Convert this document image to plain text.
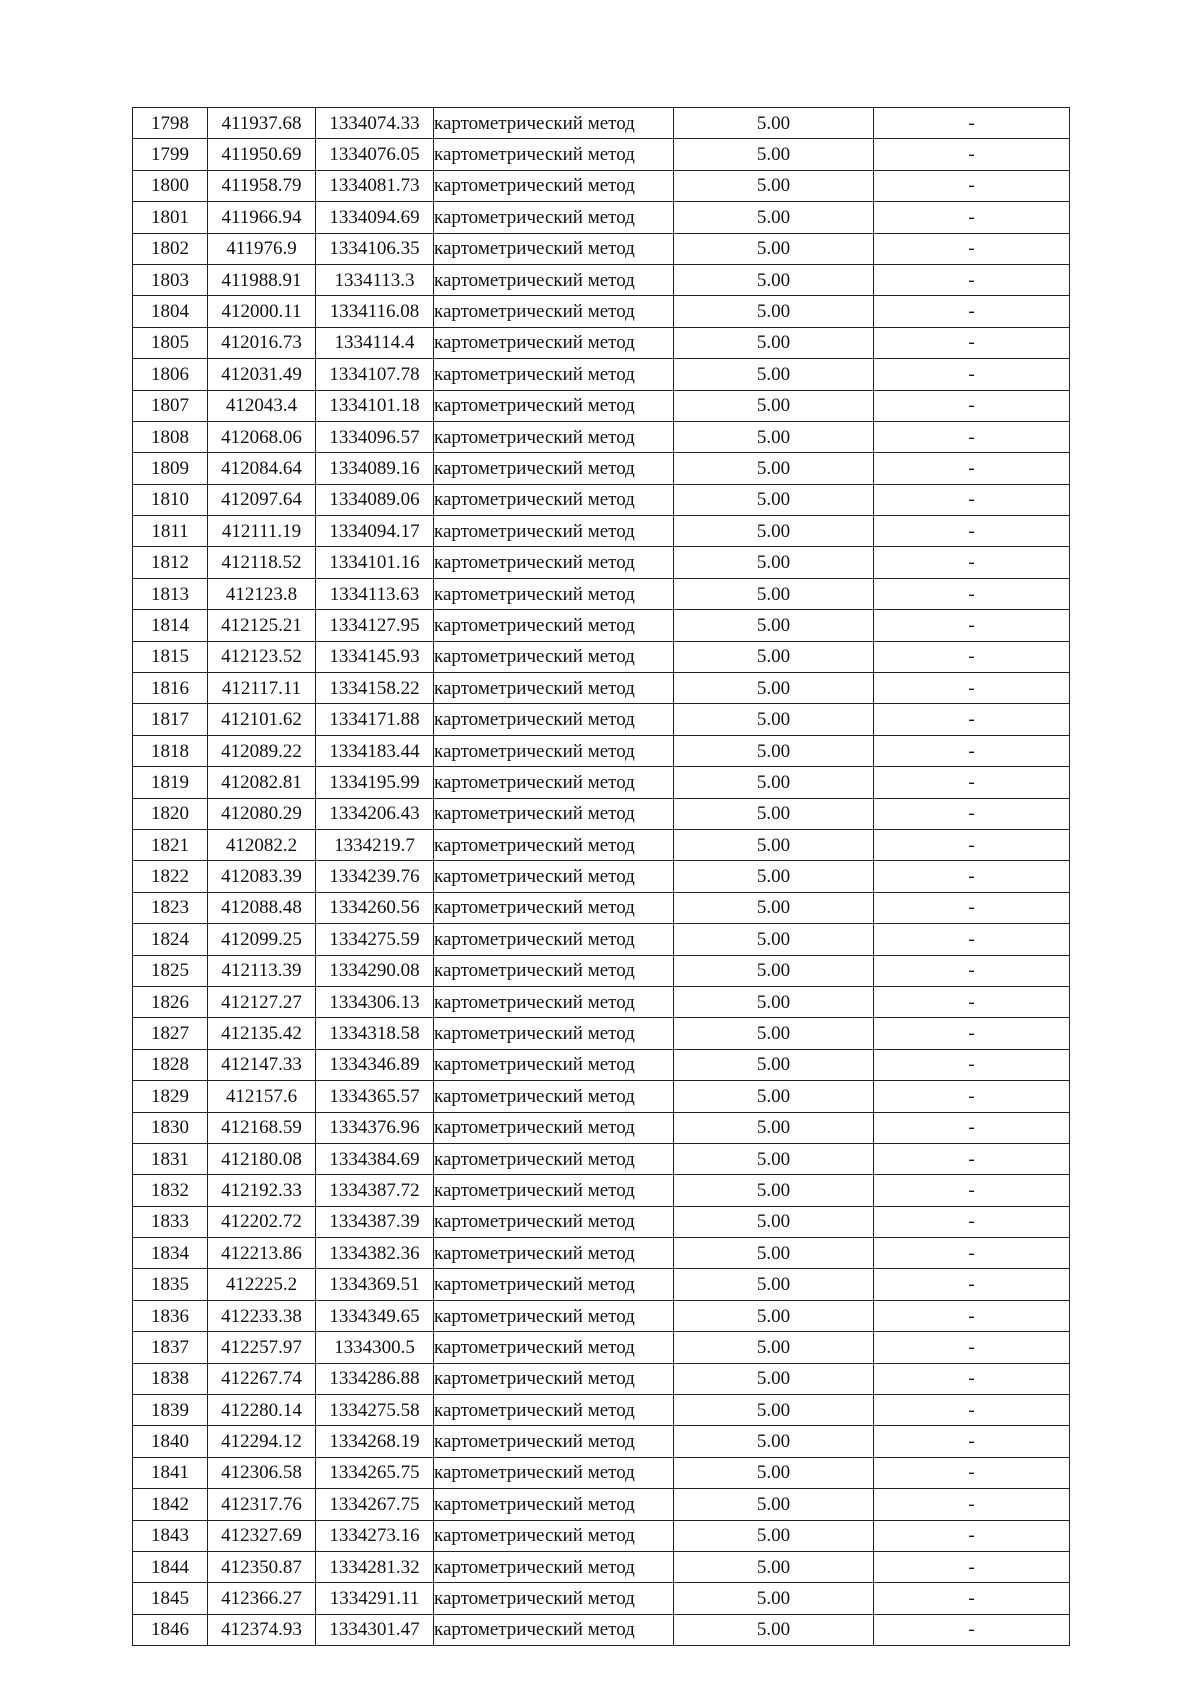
1798	411937.68	1334074.33	картометрический метод	5.00	-
1799	411950.69	1334076.05	картометрический метод	5.00	-
1800	411958.79	1334081.73	картометрический метод	5.00	-
1801	411966.94	1334094.69	картометрический метод	5.00	-
1802	411976.9	1334106.35	картометрический метод	5.00	-
1803	411988.91	1334113.3	картометрический метод	5.00	-
1804	412000.11	1334116.08	картометрический метод	5.00	-
1805	412016.73	1334114.4	картометрический метод	5.00	-
1806	412031.49	1334107.78	картометрический метод	5.00	-
1807	412043.4	1334101.18	картометрический метод	5.00	-
1808	412068.06	1334096.57	картометрический метод	5.00	-
1809	412084.64	1334089.16	картометрический метод	5.00	-
1810	412097.64	1334089.06	картометрический метод	5.00	-
1811	412111.19	1334094.17	картометрический метод	5.00	-
1812	412118.52	1334101.16	картометрический метод	5.00	-
1813	412123.8	1334113.63	картометрический метод	5.00	-
1814	412125.21	1334127.95	картометрический метод	5.00	-
1815	412123.52	1334145.93	картометрический метод	5.00	-
1816	412117.11	1334158.22	картометрический метод	5.00	-
1817	412101.62	1334171.88	картометрический метод	5.00	-
1818	412089.22	1334183.44	картометрический метод	5.00	-
1819	412082.81	1334195.99	картометрический метод	5.00	-
1820	412080.29	1334206.43	картометрический метод	5.00	-
1821	412082.2	1334219.7	картометрический метод	5.00	-
1822	412083.39	1334239.76	картометрический метод	5.00	-
1823	412088.48	1334260.56	картометрический метод	5.00	-
1824	412099.25	1334275.59	картометрический метод	5.00	-
1825	412113.39	1334290.08	картометрический метод	5.00	-
1826	412127.27	1334306.13	картометрический метод	5.00	-
1827	412135.42	1334318.58	картометрический метод	5.00	-
1828	412147.33	1334346.89	картометрический метод	5.00	-
1829	412157.6	1334365.57	картометрический метод	5.00	-
1830	412168.59	1334376.96	картометрический метод	5.00	-
1831	412180.08	1334384.69	картометрический метод	5.00	-
1832	412192.33	1334387.72	картометрический метод	5.00	-
1833	412202.72	1334387.39	картометрический метод	5.00	-
1834	412213.86	1334382.36	картометрический метод	5.00	-
1835	412225.2	1334369.51	картометрический метод	5.00	-
1836	412233.38	1334349.65	картометрический метод	5.00	-
1837	412257.97	1334300.5	картометрический метод	5.00	-
1838	412267.74	1334286.88	картометрический метод	5.00	-
1839	412280.14	1334275.58	картометрический метод	5.00	-
1840	412294.12	1334268.19	картометрический метод	5.00	-
1841	412306.58	1334265.75	картометрический метод	5.00	-
1842	412317.76	1334267.75	картометрический метод	5.00	-
1843	412327.69	1334273.16	картометрический метод	5.00	-
1844	412350.87	1334281.32	картометрический метод	5.00	-
1845	412366.27	1334291.11	картометрический метод	5.00	-
1846	412374.93	1334301.47	картометрический метод	5.00	-
